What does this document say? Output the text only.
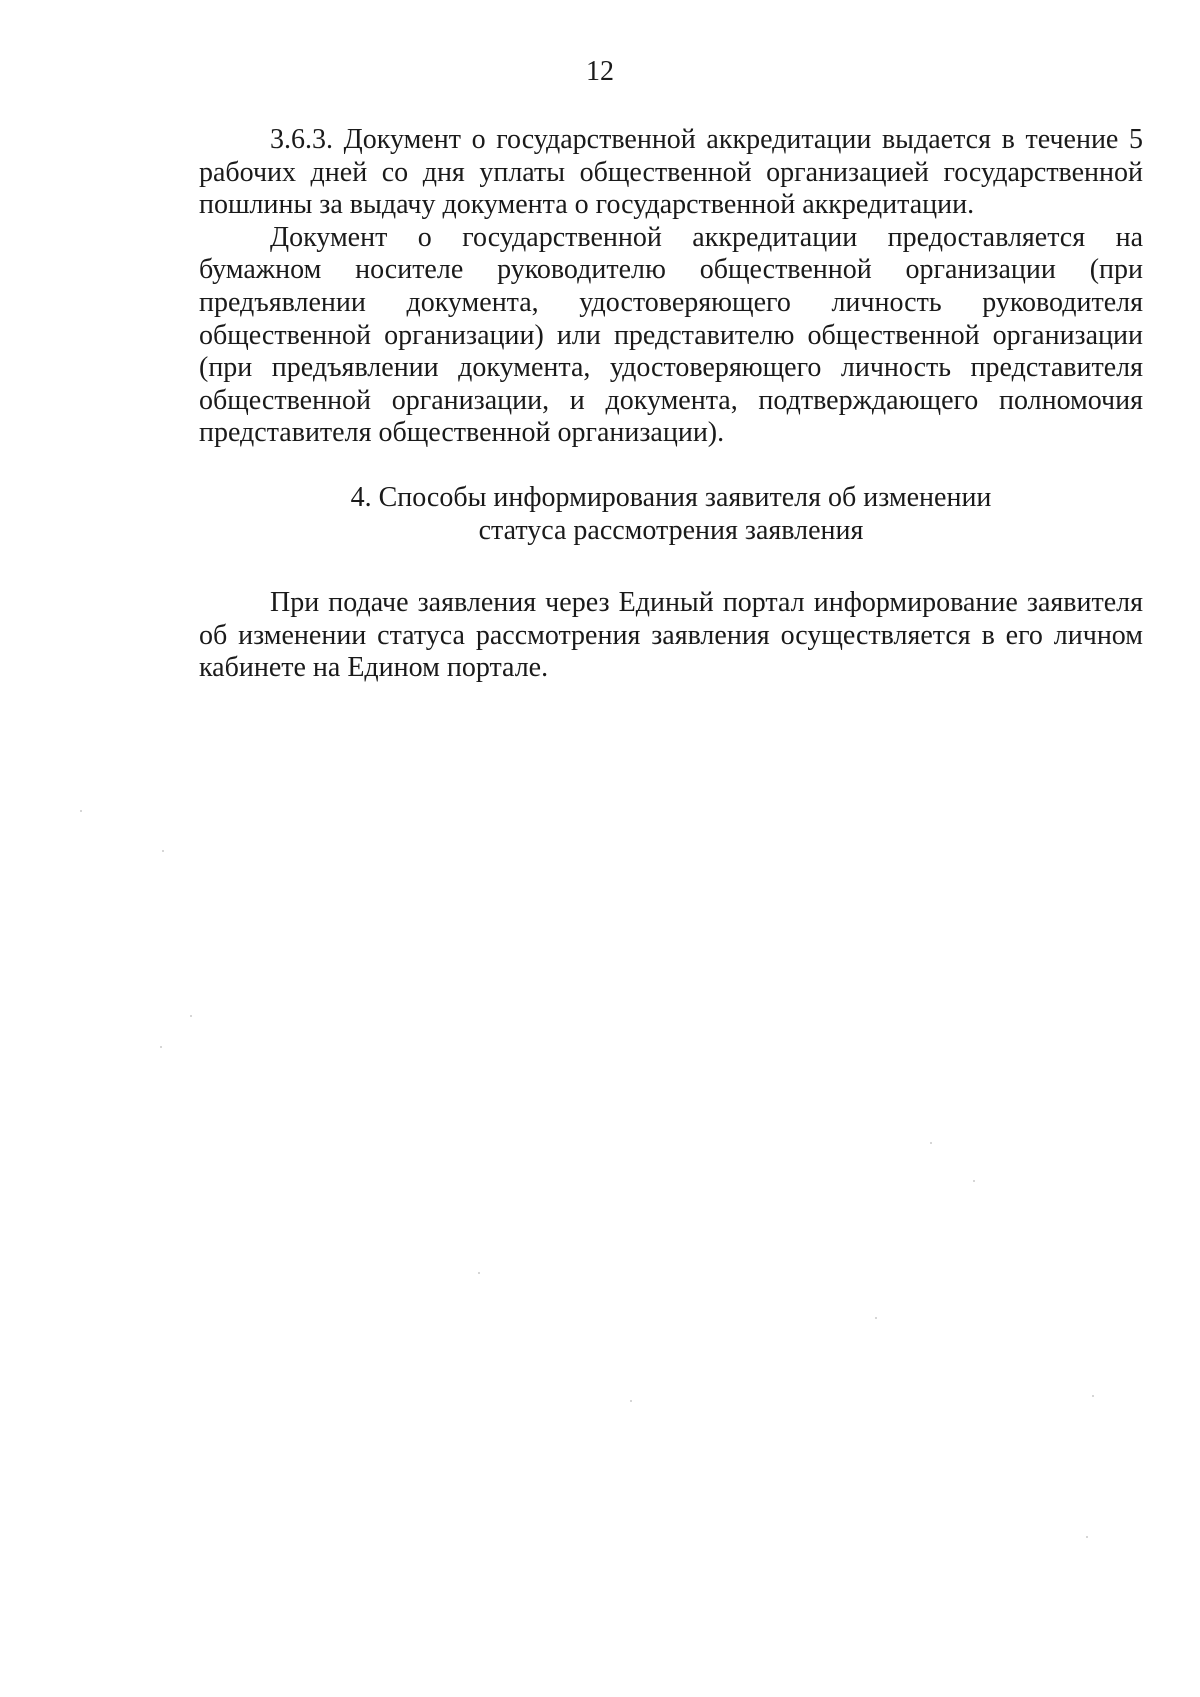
12

3.6.3. Документ о государственной аккредитации выдается в течение 5 рабочих дней со дня уплаты общественной организацией государственной пошлины за выдачу документа о государственной аккредитации.

Документ о государственной аккредитации предоставляется на бумажном носителе руководителю общественной организации (при предъявлении документа, удостоверяющего личность руководителя общественной организации) или представителю общественной организации (при предъявлении документа, удостоверяющего личность представителя общественной организации, и документа, подтверждающего полномочия представителя общественной организации).

4. Способы информирования заявителя об изменении
статуса рассмотрения заявления

При подаче заявления через Единый портал информирование заявителя об изменении статуса рассмотрения заявления осуществляется в его личном кабинете на Едином портале.
